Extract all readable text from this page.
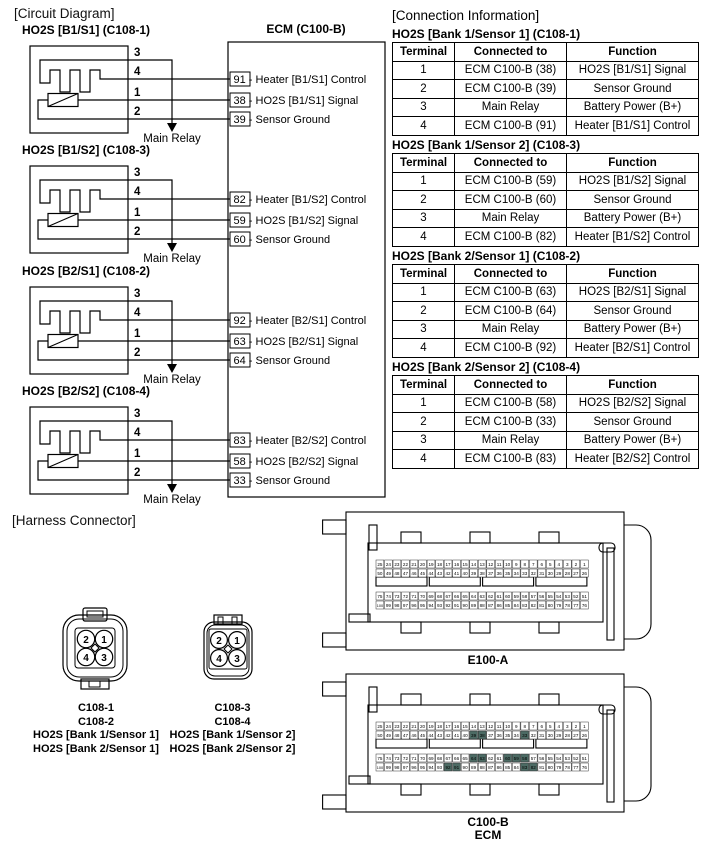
[Circuit Diagram]
ECM (C100-B)
HO2S [B1/S1] (C108-1)
3
4
1
2
Main Relay
91 - Heater [B1/S1] Control
38 - HO2S [B1/S1] Signal
39 - Sensor Ground
HO2S [B1/S2] (C108-3)
3
4
1
2
Main Relay
82 - Heater [B1/S2] Control
59 - HO2S [B1/S2] Signal
60 - Sensor Ground
HO2S [B2/S1] (C108-2)
3
4
1
2
Main Relay
92 - Heater [B2/S1] Control
63 - HO2S [B2/S1] Signal
64 - Sensor Ground
HO2S [B2/S2] (C108-4)
3
4
1
2
Main Relay
83 - Heater [B2/S2] Control
58 - HO2S [B2/S2] Signal
33 - Sensor Ground
[Connection Information]
HO2S [Bank 1/Sensor 1] (C108-1)
Terminal	Connected to	Function
1	ECM C100-B (38)	HO2S [B1/S1] Signal
2	ECM C100-B (39)	Sensor Ground
3	Main Relay	Battery Power (B+)
4	ECM C100-B (91)	Heater [B1/S1] Control
HO2S [Bank 1/Sensor 2] (C108-3)
Terminal	Connected to	Function
1	ECM C100-B (59)	HO2S [B1/S2] Signal
2	ECM C100-B (60)	Sensor Ground
3	Main Relay	Battery Power (B+)
4	ECM C100-B (82)	Heater [B1/S2] Control
HO2S [Bank 2/Sensor 1] (C108-2)
Terminal	Connected to	Function
1	ECM C100-B (63)	HO2S [B2/S1] Signal
2	ECM C100-B (64)	Sensor Ground
3	Main Relay	Battery Power (B+)
4	ECM C100-B (92)	Heater [B2/S1] Control
HO2S [Bank 2/Sensor 2] (C108-4)
Terminal	Connected to	Function
1	ECM C100-B (58)	HO2S [B2/S2] Signal
2	ECM C100-B (33)	Sensor Ground
3	Main Relay	Battery Power (B+)
4	ECM C100-B (83)	Heater [B2/S2] Control
[Harness Connector]
2 1
4 3
2 1
4 3
C108-1
C108-2
HO2S [Bank 1/Sensor 1]
HO2S [Bank 2/Sensor 1]
C108-3
C108-4
HO2S [Bank 1/Sensor 2]
HO2S [Bank 2/Sensor 2]
25 24 23 22 21 20 19 18 17 16 15 14 13 12 11 10 9 8 7 6 5 4 3 2 1
50 49 48 47 46 45 44 43 42 41 40 39 38 37 36 35 34 33 32 31 30 29 28 27 26
75 74 73 72 71 70 69 68 67 66 65 64 63 62 61 60 59 58 57 56 55 54 53 52 51
100 99 98 97 96 95 94 93 92 91 90 89 88 87 86 85 84 83 82 81 80 79 78 77 76
E100-A
25 24 23 22 21 20 19 18 17 16 15 14 13 12 11 10 9 8 7 6 5 4 3 2 1
50 49 48 47 46 45 44 43 42 41 40 39 38 37 36 35 34 33 32 31 30 29 28 27 26
75 74 73 72 71 70 69 68 67 66 65 64 63 62 61 60 59 58 57 56 55 54 53 52 51
100 99 98 97 96 95 94 93 92 91 90 89 88 87 86 85 84 83 82 81 80 79 78 77 76
C100-B
ECM
